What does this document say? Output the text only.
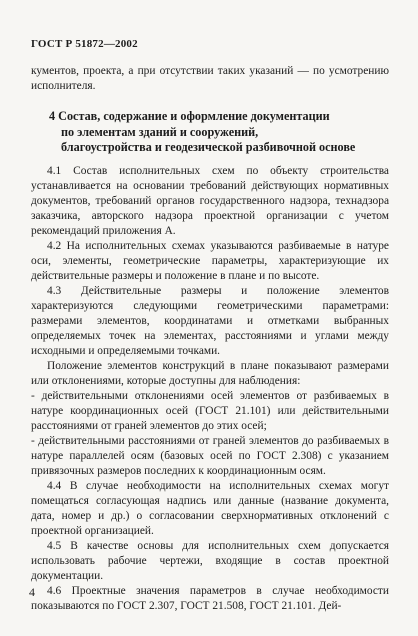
ГОСТ Р 51872—2002

кументов, проекта, а при отсутствии таких указаний — по усмотрению исполнителя.

4 Состав, содержание и оформление документации
по элементам зданий и сооружений,
благоустройства и геодезической разбивочной основе

4.1 Состав исполнительных схем по объекту строительства устанавливается на основании требований действующих нормативных документов, требований органов государственного надзора, технадзора заказчика, авторского надзора проектной организации с учетом рекомендаций приложения А.

4.2 На исполнительных схемах указываются разбиваемые в натуре оси, элементы, геометрические параметры, характеризующие их действительные размеры и положение в плане и по высоте.

4.3 Действительные размеры и положение элементов характеризуются следующими геометрическими параметрами: размерами элементов, координатами и отметками выбранных определяемых точек на элементах, расстояниями и углами между исходными и определяемыми точками.

Положение элементов конструкций в плане показывают размерами или отклонениями, которые доступны для наблюдения:

- действительными отклонениями осей элементов от разбиваемых в натуре координационных осей (ГОСТ 21.101) или действительными расстояниями от граней элементов до этих осей;

- действительными расстояниями от граней элементов до разбиваемых в натуре параллелей осям (базовых осей по ГОСТ 2.308) с указанием привязочных размеров последних к координационным осям.

4.4 В случае необходимости на исполнительных схемах могут помещаться согласующая надпись или данные (название документа, дата, номер и др.) о согласовании сверхнормативных отклонений с проектной организацией.

4.5 В качестве основы для исполнительных схем допускается использовать рабочие чертежи, входящие в состав проектной документации.

4.6 Проектные значения параметров в случае необходимости показываются по ГОСТ 2.307, ГОСТ 21.508, ГОСТ 21.101. Дей-

4
